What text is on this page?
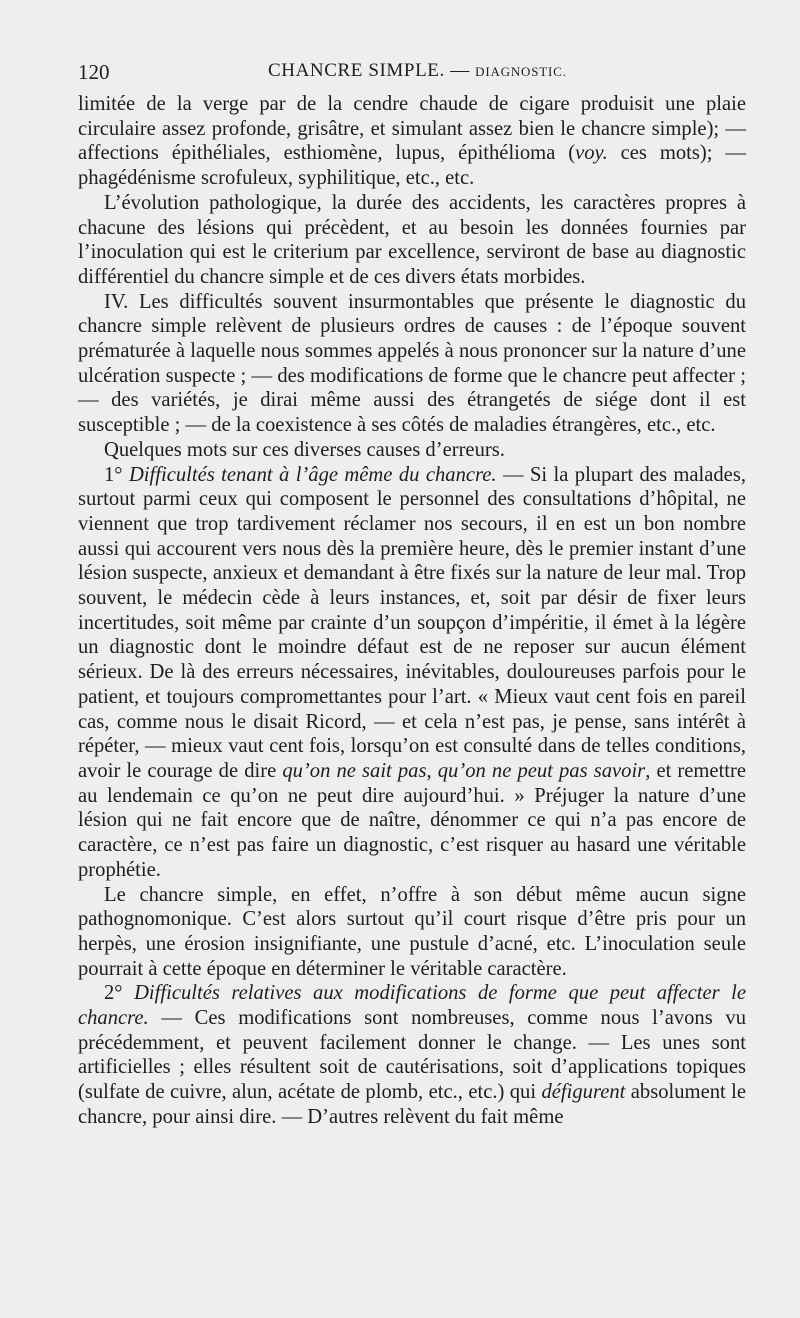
120	CHANCRE SIMPLE. — DIAGNOSTIC.

limitée de la verge par de la cendre chaude de cigare produisit une plaie circulaire assez profonde, grisâtre, et simulant assez bien le chancre simple); — affections épithéliales, esthiomène, lupus, épithélioma (voy. ces mots); — phagédénisme scrofuleux, syphilitique, etc., etc.

L’évolution pathologique, la durée des accidents, les caractères propres à chacune des lésions qui précèdent, et au besoin les données fournies par l’inoculation qui est le criterium par excellence, serviront de base au diagnostic différentiel du chancre simple et de ces divers états morbides.

IV. Les difficultés souvent insurmontables que présente le diagnostic du chancre simple relèvent de plusieurs ordres de causes : de l’époque souvent prématurée à laquelle nous sommes appelés à nous prononcer sur la nature d’une ulcération suspecte ; — des modifications de forme que le chancre peut affecter ; — des variétés, je dirai même aussi des étrangetés de siége dont il est susceptible ; — de la coexistence à ses côtés de maladies étrangères, etc., etc.

Quelques mots sur ces diverses causes d’erreurs.

1° Difficultés tenant à l’âge même du chancre. — Si la plupart des malades, surtout parmi ceux qui composent le personnel des consultations d’hôpital, ne viennent que trop tardivement réclamer nos secours, il en est un bon nombre aussi qui accourent vers nous dès la première heure, dès le premier instant d’une lésion suspecte, anxieux et demandant à être fixés sur la nature de leur mal. Trop souvent, le médecin cède à leurs instances, et, soit par désir de fixer leurs incertitudes, soit même par crainte d’un soupçon d’impéritie, il émet à la légère un diagnostic dont le moindre défaut est de ne reposer sur aucun élément sérieux. De là des erreurs nécessaires, inévitables, douloureuses parfois pour le patient, et toujours compromettantes pour l’art. « Mieux vaut cent fois en pareil cas, comme nous le disait Ricord, — et cela n’est pas, je pense, sans intérêt à répéter, — mieux vaut cent fois, lorsqu’on est consulté dans de telles conditions, avoir le courage de dire qu’on ne sait pas, qu’on ne peut pas savoir, et remettre au lendemain ce qu’on ne peut dire aujourd’hui. » Préjuger la nature d’une lésion qui ne fait encore que de naître, dénommer ce qui n’a pas encore de caractère, ce n’est pas faire un diagnostic, c’est risquer au hasard une véritable prophétie.

Le chancre simple, en effet, n’offre à son début même aucun signe pathognomonique. C’est alors surtout qu’il court risque d’être pris pour un herpès, une érosion insignifiante, une pustule d’acné, etc. L’inoculation seule pourrait à cette époque en déterminer le véritable caractère.

2° Difficultés relatives aux modifications de forme que peut affecter le chancre. — Ces modifications sont nombreuses, comme nous l’avons vu précédemment, et peuvent facilement donner le change. — Les unes sont artificielles ; elles résultent soit de cautérisations, soit d’applications topiques (sulfate de cuivre, alun, acétate de plomb, etc., etc.) qui défigurent absolument le chancre, pour ainsi dire. — D’autres relèvent du fait même
